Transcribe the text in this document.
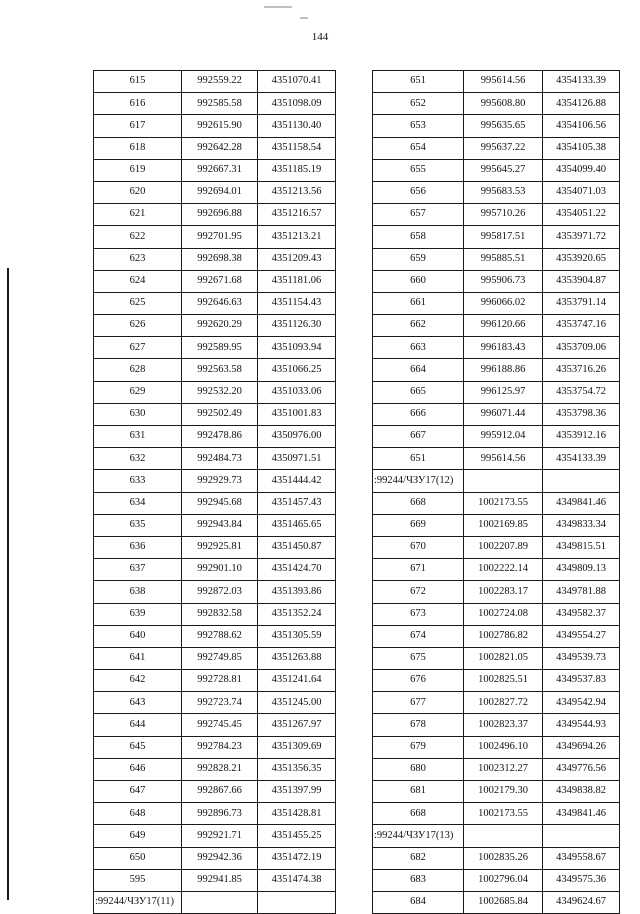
144
615	992559.22	4351070.41
616	992585.58	4351098.09
617	992615.90	4351130.40
618	992642.28	4351158.54
619	992667.31	4351185.19
620	992694.01	4351213.56
621	992696.88	4351216.57
622	992701.95	4351213.21
623	992698.38	4351209.43
624	992671.68	4351181.06
625	992646.63	4351154.43
626	992620.29	4351126.30
627	992589.95	4351093.94
628	992563.58	4351066.25
629	992532.20	4351033.06
630	992502.49	4351001.83
631	992478.86	4350976.00
632	992484.73	4350971.51
633	992929.73	4351444.42
634	992945.68	4351457.43
635	992943.84	4351465.65
636	992925.81	4351450.87
637	992901.10	4351424.70
638	992872.03	4351393.86
639	992832.58	4351352.24
640	992788.62	4351305.59
641	992749.85	4351263.88
642	992728.81	4351241.64
643	992723.74	4351245.00
644	992745.45	4351267.97
645	992784.23	4351309.69
646	992828.21	4351356.35
647	992867.66	4351397.99
648	992896.73	4351428.81
649	992921.71	4351455.25
650	992942.36	4351472.19
595	992941.85	4351474.38
:99244/ЧЗУ17(11)		
651	995614.56	4354133.39
652	995608.80	4354126.88
653	995635.65	4354106.56
654	995637.22	4354105.38
655	995645.27	4354099.40
656	995683.53	4354071.03
657	995710.26	4354051.22
658	995817.51	4353971.72
659	995885.51	4353920.65
660	995906.73	4353904.87
661	996066.02	4353791.14
662	996120.66	4353747.16
663	996183.43	4353709.06
664	996188.86	4353716.26
665	996125.97	4353754.72
666	996071.44	4353798.36
667	995912.04	4353912.16
651	995614.56	4354133.39
:99244/ЧЗУ17(12)		
668	1002173.55	4349841.46
669	1002169.85	4349833.34
670	1002207.89	4349815.51
671	1002222.14	4349809.13
672	1002283.17	4349781.88
673	1002724.08	4349582.37
674	1002786.82	4349554.27
675	1002821.05	4349539.73
676	1002825.51	4349537.83
677	1002827.72	4349542.94
678	1002823.37	4349544.93
679	1002496.10	4349694.26
680	1002312.27	4349776.56
681	1002179.30	4349838.82
668	1002173.55	4349841.46
:99244/ЧЗУ17(13)		
682	1002835.26	4349558.67
683	1002796.04	4349575.36
684	1002685.84	4349624.67
